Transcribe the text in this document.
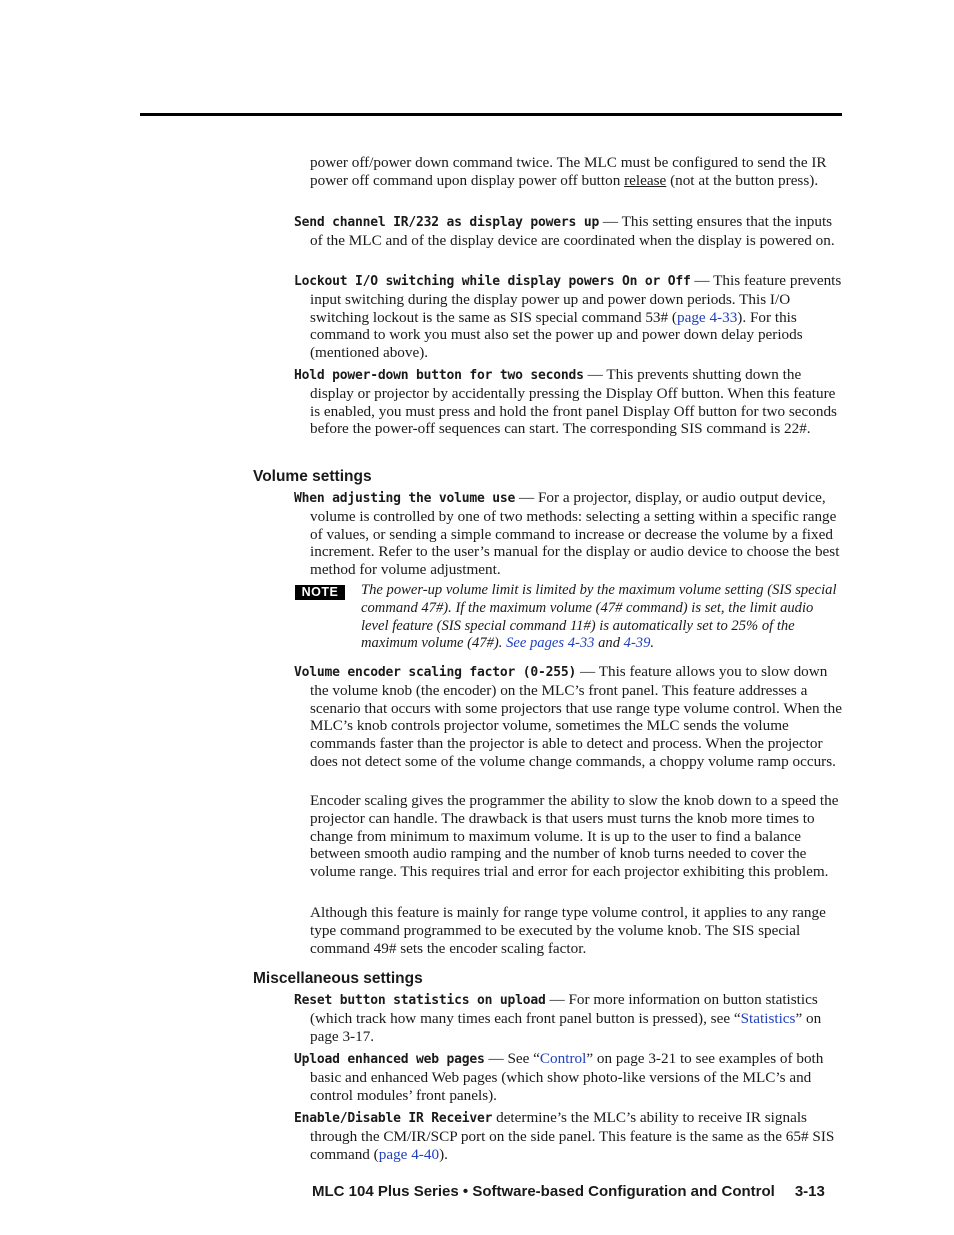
power off/power down command twice. The MLC must be configured to send the IR power off command upon display power off button release (not at the button press).

Send channel IR/232 as display powers up — This setting ensures that the inputs of the MLC and of the display device are coordinated when the display is powered on.

Lockout I/O switching while display powers On or Off — This feature prevents input switching during the display power up and power down periods. This I/O switching lockout is the same as SIS special command 53# (page 4-33). For this command to work you must also set the power up and power down delay periods (mentioned above).

Hold power-down button for two seconds — This prevents shutting down the display or projector by accidentally pressing the Display Off button. When this feature is enabled, you must press and hold the front panel Display Off button for two seconds before the power-off sequences can start. The corresponding SIS command is 22#.

Volume settings

When adjusting the volume use — For a projector, display, or audio output device, volume is controlled by one of two methods: selecting a setting within a specific range of values, or sending a simple command to increase or decrease the volume by a fixed increment. Refer to the user’s manual for the display or audio device to choose the best method for volume adjustment.

NOTE	The power-up volume limit is limited by the maximum volume setting (SIS special command 47#). If the maximum volume (47# command) is set, the limit audio level feature (SIS special command 11#) is automatically set to 25% of the maximum volume (47#). See pages 4-33 and 4-39.

Volume encoder scaling factor (0-255) — This feature allows you to slow down the volume knob (the encoder) on the MLC’s front panel. This feature addresses a scenario that occurs with some projectors that use range type volume control. When the MLC’s knob controls projector volume, sometimes the MLC sends the volume commands faster than the projector is able to detect and process. When the projector does not detect some of the volume change commands, a choppy volume ramp occurs.

Encoder scaling gives the programmer the ability to slow the knob down to a speed the projector can handle. The drawback is that users must turns the knob more times to change from minimum to maximum volume. It is up to the user to find a balance between smooth audio ramping and the number of knob turns needed to cover the volume range. This requires trial and error for each projector exhibiting this problem.

Although this feature is mainly for range type volume control, it applies to any range type command programmed to be executed by the volume knob. The SIS special command 49# sets the encoder scaling factor.

Miscellaneous settings

Reset button statistics on upload — For more information on button statistics (which track how many times each front panel button is pressed), see “Statistics” on page 3-17.

Upload enhanced web pages — See “Control” on page 3-21 to see examples of both basic and enhanced Web pages (which show photo-like versions of the MLC’s and control modules’ front panels).

Enable/Disable IR Receiver determine’s the MLC’s ability to receive IR signals through the CM/IR/SCP port on the side panel. This feature is the same as the 65# SIS command (page 4-40).

MLC 104 Plus Series • Software-based Configuration and Control 3-13
